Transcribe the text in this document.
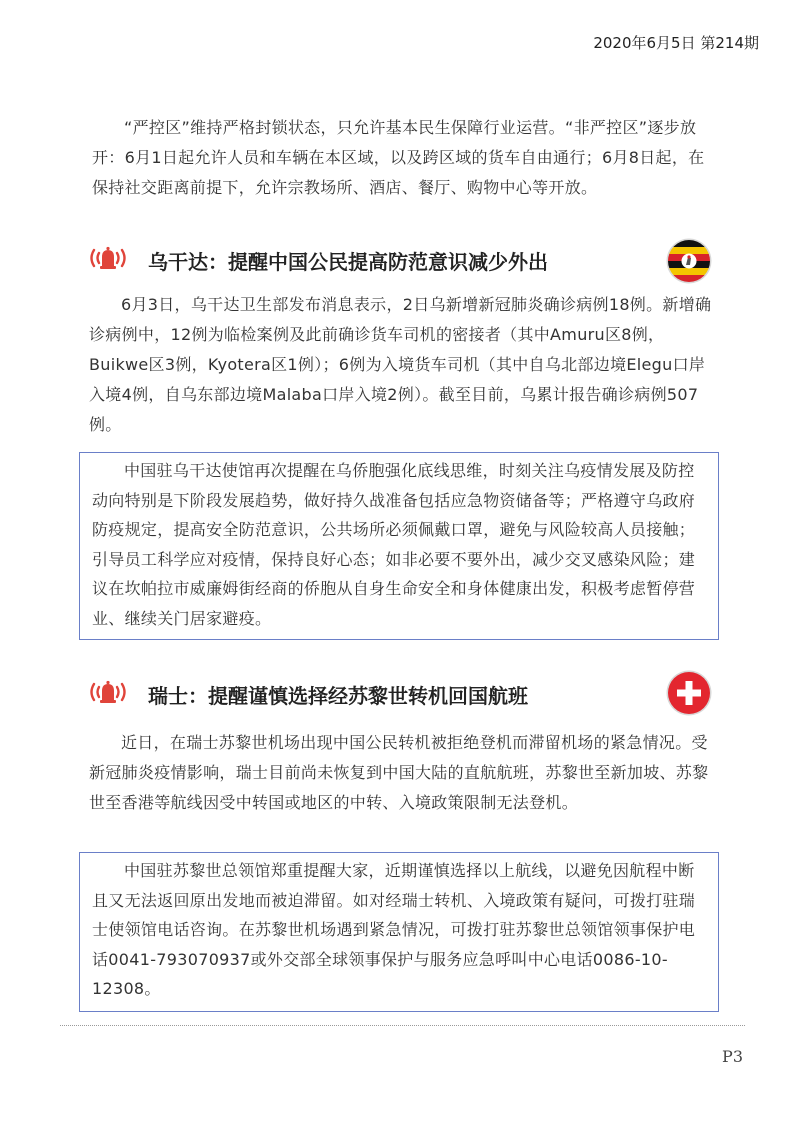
2020年6月5日 第214期

“严控区”维持严格封锁状态，只允许基本民生保障行业运营。“非严控区”逐步放开：6月1日起允许人员和车辆在本区域，以及跨区域的货车自由通行；6月8日起，在保持社交距离前提下，允许宗教场所、酒店、餐厅、购物中心等开放。

乌干达：提醒中国公民提高防范意识减少外出

6月3日，乌干达卫生部发布消息表示，2日乌新增新冠肺炎确诊病例18例。新增确诊病例中，12例为临检案例及此前确诊货车司机的密接者（其中Amuru区8例，Buikwe区3例，Kyotera区1例）；6例为入境货车司机（其中自乌北部边境Elegu口岸入境4例，自乌东部边境Malaba口岸入境2例）。截至目前，乌累计报告确诊病例507例。

中国驻乌干达使馆再次提醒在乌侨胞强化底线思维，时刻关注乌疫情发展及防控动向特别是下阶段发展趋势，做好持久战准备包括应急物资储备等；严格遵守乌政府防疫规定，提高安全防范意识，公共场所必须佩戴口罩，避免与风险较高人员接触；引导员工科学应对疫情，保持良好心态；如非必要不要外出，减少交叉感染风险；建议在坎帕拉市威廉姆街经商的侨胞从自身生命安全和身体健康出发，积极考虑暂停营业、继续关门居家避疫。

瑞士：提醒谨慎选择经苏黎世转机回国航班

近日，在瑞士苏黎世机场出现中国公民转机被拒绝登机而滞留机场的紧急情况。受新冠肺炎疫情影响，瑞士目前尚未恢复到中国大陆的直航航班，苏黎世至新加坡、苏黎世至香港等航线因受中转国或地区的中转、入境政策限制无法登机。

中国驻苏黎世总领馆郑重提醒大家，近期谨慎选择以上航线，以避免因航程中断且又无法返回原出发地而被迫滞留。如对经瑞士转机、入境政策有疑问，可拨打驻瑞士使领馆电话咨询。在苏黎世机场遇到紧急情况，可拨打驻苏黎世总领馆领事保护电话0041-793070937或外交部全球领事保护与服务应急呼叫中心电话0086-10-12308。

P3
